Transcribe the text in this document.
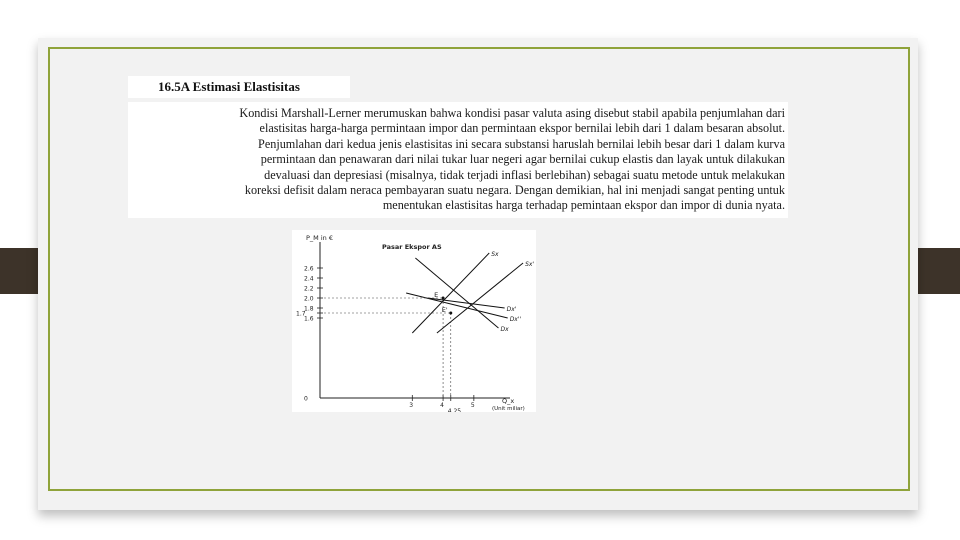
16.5A Estimasi Elastisitas
Kondisi Marshall-Lerner merumuskan bahwa kondisi pasar valuta asing disebut stabil apabila penjumlahan dari
elastisitas harga-harga permintaan impor dan permintaan ekspor bernilai lebih dari 1 dalam besaran absolut.
Penjumlahan dari kedua jenis elastisitas ini secara substansi haruslah bernilai lebih besar dari 1 dalam kurva
permintaan dan penawaran dari nilai tukar luar negeri agar bernilai cukup elastis dan layak untuk dilakukan
devaluasi dan depresiasi (misalnya, tidak terjadi inflasi berlebihan) sebagai suatu metode untuk melakukan
koreksi defisit dalam neraca pembayaran suatu negara. Dengan demikian, hal ini menjadi sangat penting untuk
menentukan elastisitas harga terhadap pemintaan ekspor dan impor di dunia nyata.
Pasar Ekspor AS
P_M in €
Q_x
(Unit miliar)
2.6
2.4
2.2
2.0
1.8
1.7
1.6
0
3	4
4.25
5
Sx
Sx'
Dx'
Dx''
Dx
E
E'
